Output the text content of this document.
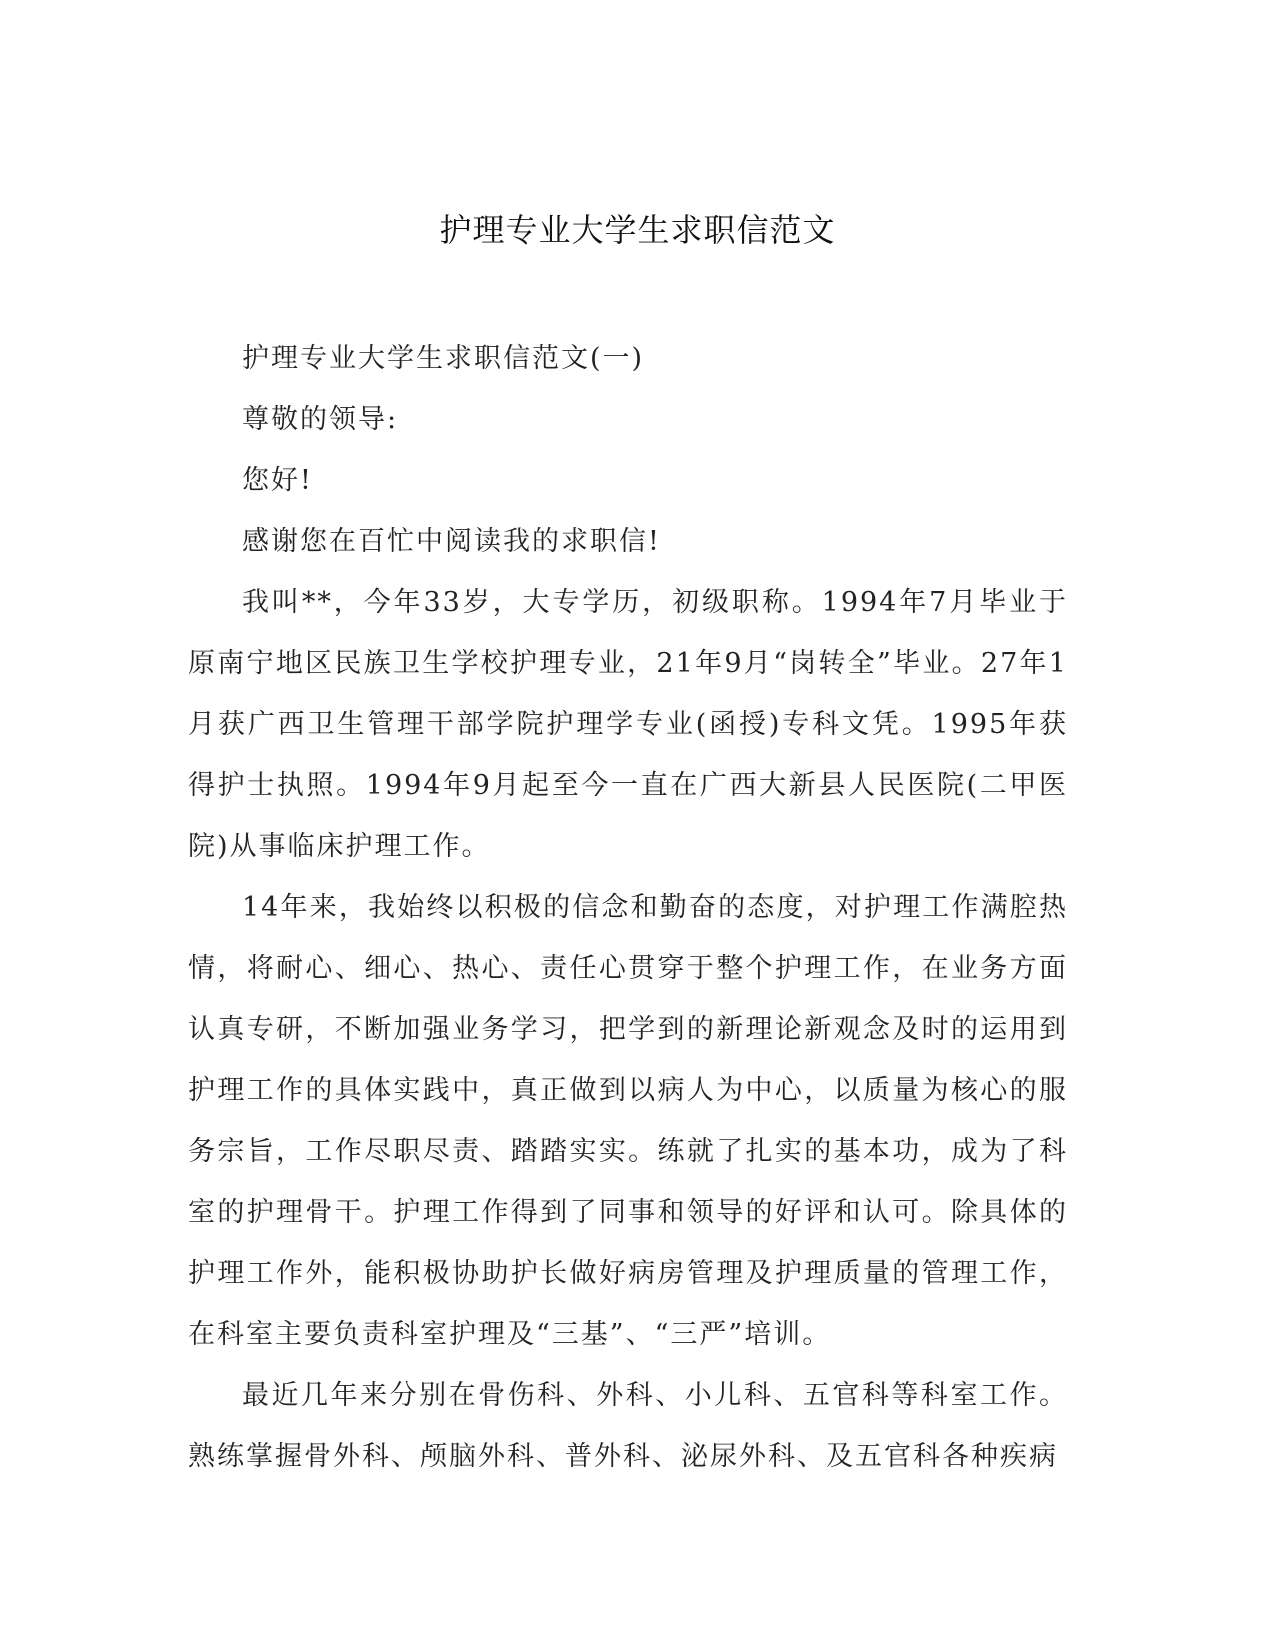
护理专业大学生求职信范文

护理专业大学生求职信范文(一)

尊敬的领导:

您好!

感谢您在百忙中阅读我的求职信!

我叫**，今年33岁，大专学历，初级职称。1994年7月毕业于原南宁地区民族卫生学校护理专业，21年9月“岗转全”毕业。27年1月获广西卫生管理干部学院护理学专业(函授)专科文凭。1995年获得护士执照。1994年9月起至今一直在广西大新县人民医院(二甲医院)从事临床护理工作。

14年来，我始终以积极的信念和勤奋的态度，对护理工作满腔热情，将耐心、细心、热心、责任心贯穿于整个护理工作，在业务方面认真专研，不断加强业务学习，把学到的新理论新观念及时的运用到护理工作的具体实践中，真正做到以病人为中心，以质量为核心的服务宗旨，工作尽职尽责、踏踏实实。练就了扎实的基本功，成为了科室的护理骨干。护理工作得到了同事和领导的好评和认可。除具体的护理工作外，能积极协助护长做好病房管理及护理质量的管理工作，在科室主要负责科室护理及“三基”、“三严”培训。

最近几年来分别在骨伤科、外科、小儿科、五官科等科室工作。熟练掌握骨外科、颅脑外科、普外科、泌尿外科、及五官科各种疾病
